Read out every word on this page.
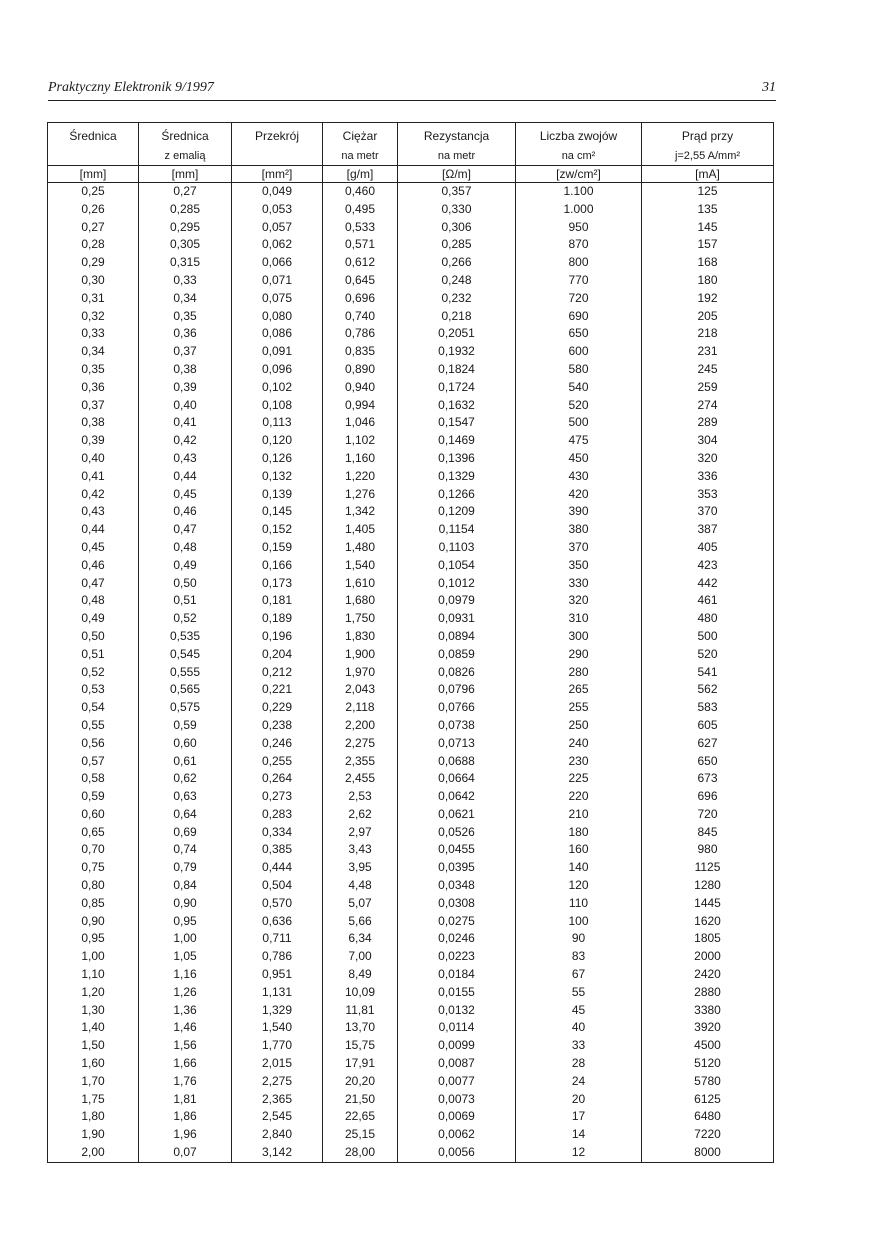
Praktyczny Elektronik 9/1997	31
Średnica	Średnica	Przekrój	Ciężar	Rezystancja	Liczba zwojów	Prąd przy
	z emalią		na metr	na metr	na cm²	j=2,55 A/mm²
[mm]	[mm]	[mm²]	[g/m]	[Ω/m]	[zw/cm²]	[mA]
0,25	0,27	0,049	0,460	0,357	1.100	125
0,26	0,285	0,053	0,495	0,330	1.000	135
0,27	0,295	0,057	0,533	0,306	950	145
0,28	0,305	0,062	0,571	0,285	870	157
0,29	0,315	0,066	0,612	0,266	800	168
0,30	0,33	0,071	0,645	0,248	770	180
0,31	0,34	0,075	0,696	0,232	720	192
0,32	0,35	0,080	0,740	0,218	690	205
0,33	0,36	0,086	0,786	0,2051	650	218
0,34	0,37	0,091	0,835	0,1932	600	231
0,35	0,38	0,096	0,890	0,1824	580	245
0,36	0,39	0,102	0,940	0,1724	540	259
0,37	0,40	0,108	0,994	0,1632	520	274
0,38	0,41	0,113	1,046	0,1547	500	289
0,39	0,42	0,120	1,102	0,1469	475	304
0,40	0,43	0,126	1,160	0,1396	450	320
0,41	0,44	0,132	1,220	0,1329	430	336
0,42	0,45	0,139	1,276	0,1266	420	353
0,43	0,46	0,145	1,342	0,1209	390	370
0,44	0,47	0,152	1,405	0,1154	380	387
0,45	0,48	0,159	1,480	0,1103	370	405
0,46	0,49	0,166	1,540	0,1054	350	423
0,47	0,50	0,173	1,610	0,1012	330	442
0,48	0,51	0,181	1,680	0,0979	320	461
0,49	0,52	0,189	1,750	0,0931	310	480
0,50	0,535	0,196	1,830	0,0894	300	500
0,51	0,545	0,204	1,900	0,0859	290	520
0,52	0,555	0,212	1,970	0,0826	280	541
0,53	0,565	0,221	2,043	0,0796	265	562
0,54	0,575	0,229	2,118	0,0766	255	583
0,55	0,59	0,238	2,200	0,0738	250	605
0,56	0,60	0,246	2,275	0,0713	240	627
0,57	0,61	0,255	2,355	0,0688	230	650
0,58	0,62	0,264	2,455	0,0664	225	673
0,59	0,63	0,273	2,53	0,0642	220	696
0,60	0,64	0,283	2,62	0,0621	210	720
0,65	0,69	0,334	2,97	0,0526	180	845
0,70	0,74	0,385	3,43	0,0455	160	980
0,75	0,79	0,444	3,95	0,0395	140	1125
0,80	0,84	0,504	4,48	0,0348	120	1280
0,85	0,90	0,570	5,07	0,0308	110	1445
0,90	0,95	0,636	5,66	0,0275	100	1620
0,95	1,00	0,711	6,34	0,0246	90	1805
1,00	1,05	0,786	7,00	0,0223	83	2000
1,10	1,16	0,951	8,49	0,0184	67	2420
1,20	1,26	1,131	10,09	0,0155	55	2880
1,30	1,36	1,329	11,81	0,0132	45	3380
1,40	1,46	1,540	13,70	0,0114	40	3920
1,50	1,56	1,770	15,75	0,0099	33	4500
1,60	1,66	2,015	17,91	0,0087	28	5120
1,70	1,76	2,275	20,20	0,0077	24	5780
1,75	1,81	2,365	21,50	0,0073	20	6125
1,80	1,86	2,545	22,65	0,0069	17	6480
1,90	1,96	2,840	25,15	0,0062	14	7220
2,00	0,07	3,142	28,00	0,0056	12	8000
